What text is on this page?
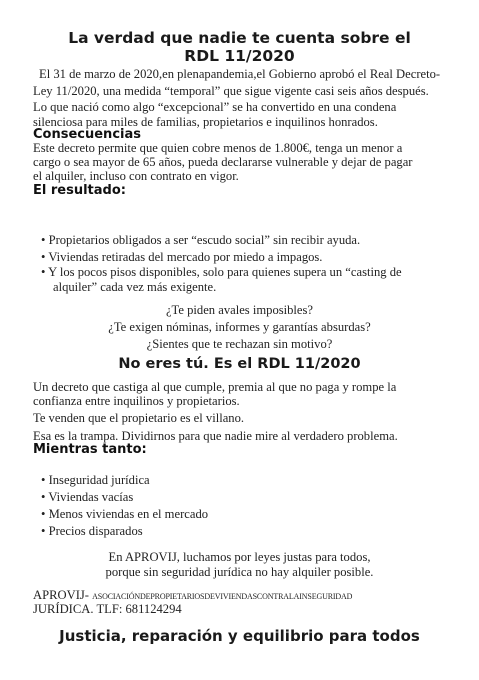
La verdad que nadie te cuenta sobre el
RDL 11/2020

El 31 de marzo de 2020,en plenapandemia,el Gobierno aprobó el Real Decreto-

Ley 11/2020, una medida “temporal” que sigue vigente casi seis años después.

Lo que nació como algo “excepcional” se ha convertido en una condena

silenciosa para miles de familias, propietarios e inquilinos honrados.

Consecuencias

Este decreto permite que quien cobre menos de 1.800€, tenga un menor a

cargo o sea mayor de 65 años, pueda declararse vulnerable y dejar de pagar

el alquiler, incluso con contrato en vigor.

El resultado:

• Propietarios obligados a ser “escudo social” sin recibir ayuda.

• Viviendas retiradas del mercado por miedo a impagos.

• Y los pocos pisos disponibles, solo para quienes supera un “casting de

alquiler” cada vez más exigente.

¿Te piden avales imposibles?

¿Te exigen nóminas, informes y garantías absurdas?

¿Sientes que te rechazan sin motivo?

No eres tú. Es el RDL 11/2020

Un decreto que castiga al que cumple, premia al que no paga y rompe la

confianza entre inquilinos y propietarios.

Te venden que el propietario es el villano.

Esa es la trampa. Dividirnos para que nadie mire al verdadero problema.

Mientras tanto:

• Inseguridad jurídica

• Viviendas vacías

• Menos viviendas en el mercado

• Precios disparados

En APROVIJ, luchamos por leyes justas para todos,

porque sin seguridad jurídica no hay alquiler posible.

APROVIJ- ASOCIACIÓNDEPROPIETARIOSDEVIVIENDASCONTRALAINSEGURIDAD

JURÍDICA. TLF: 681124294

Justicia, reparación y equilibrio para todos
